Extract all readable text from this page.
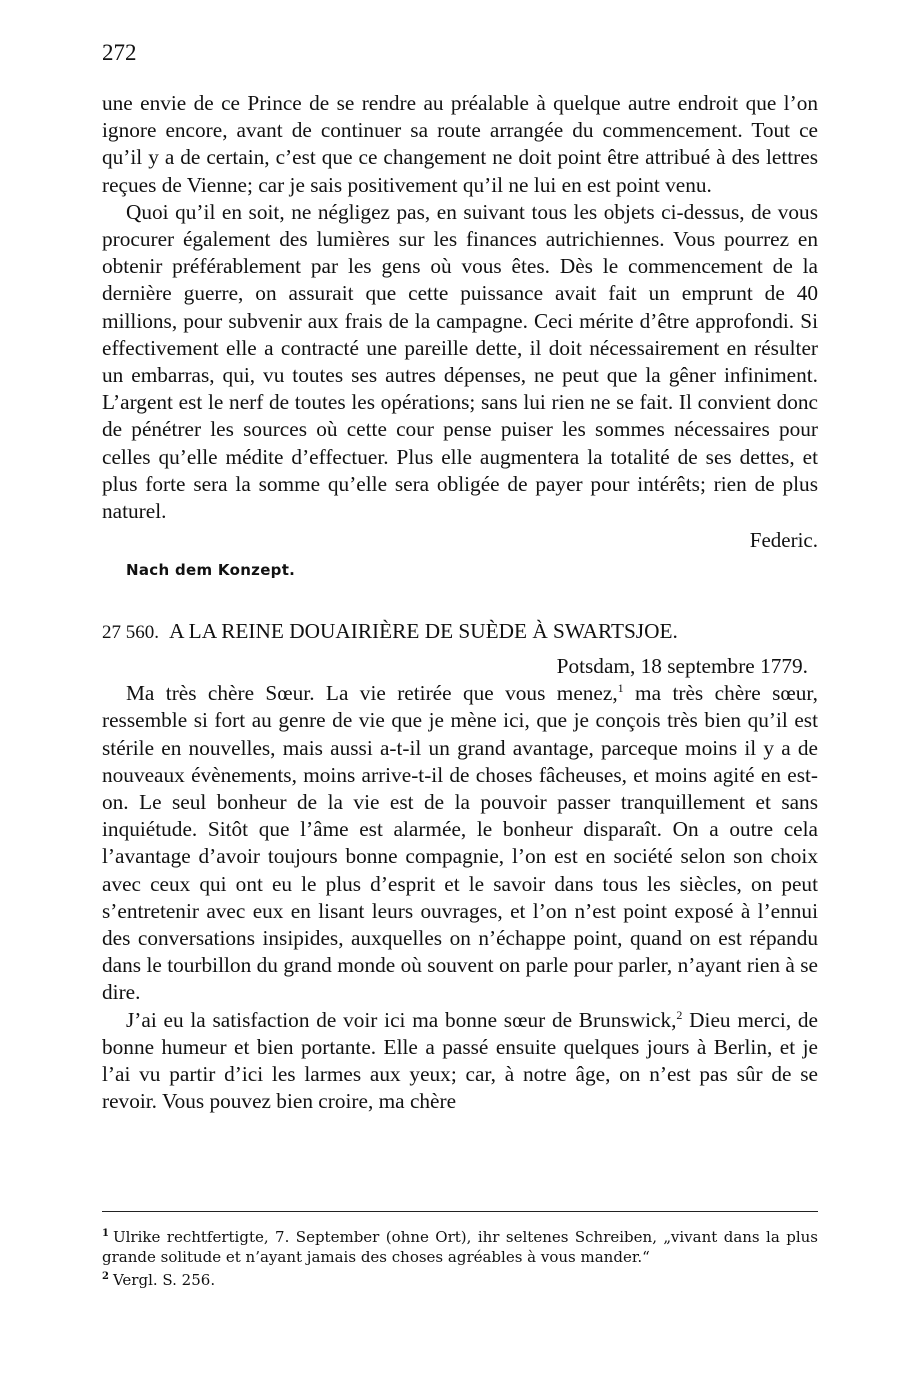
272

une envie de ce Prince de se rendre au préalable à quelque autre endroit que l’on ignore encore, avant de continuer sa route arrangée du commencement. Tout ce qu’il y a de certain, c’est que ce changement ne doit point être attribué à des lettres reçues de Vienne; car je sais positivement qu’il ne lui en est point venu.

Quoi qu’il en soit, ne négligez pas, en suivant tous les objets ci-dessus, de vous procurer également des lumières sur les finances autrichiennes. Vous pourrez en obtenir préférablement par les gens où vous êtes. Dès le commencement de la dernière guerre, on assurait que cette puissance avait fait un emprunt de 40 millions, pour subvenir aux frais de la campagne. Ceci mérite d’être approfondi. Si effectivement elle a contracté une pareille dette, il doit nécessairement en résulter un embarras, qui, vu toutes ses autres dépenses, ne peut que la gêner infiniment. L’argent est le nerf de toutes les opérations; sans lui rien ne se fait. Il convient donc de pénétrer les sources où cette cour pense puiser les sommes nécessaires pour celles qu’elle médite d’effectuer. Plus elle augmentera la totalité de ses dettes, et plus forte sera la somme qu’elle sera obligée de payer pour intérêts; rien de plus naturel.

Federic.
Nach dem Konzept.
27 560. A LA REINE DOUAIRIÈRE DE SUÈDE À SWARTSJOE.
Potsdam, 18 septembre 1779.

Ma très chère Sœur. La vie retirée que vous menez,$^1$ ma très chère sœur, ressemble si fort au genre de vie que je mène ici, que je conçois très bien qu’il est stérile en nouvelles, mais aussi a-t-il un grand avantage, parceque moins il y a de nouveaux évènements, moins arrive-t-il de choses fâcheuses, et moins agité en est-on. Le seul bonheur de la vie est de la pouvoir passer tranquillement et sans inquiétude. Sitôt que l’âme est alarmée, le bonheur disparaît. On a outre cela l’avantage d’avoir toujours bonne compagnie, l’on est en société selon son choix avec ceux qui ont eu le plus d’esprit et le savoir dans tous les siècles, on peut s’entretenir avec eux en lisant leurs ouvrages, et l’on n’est point exposé à l’ennui des conversations insipides, auxquelles on n’échappe point, quand on est répandu dans le tourbillon du grand monde où souvent on parle pour parler, n’ayant rien à se dire.

J’ai eu la satisfaction de voir ici ma bonne sœur de Brunswick,$^2$ Dieu merci, de bonne humeur et bien portante. Elle a passé ensuite quelques jours à Berlin, et je l’ai vu partir d’ici les larmes aux yeux; car, à notre âge, on n’est pas sûr de se revoir. Vous pouvez bien croire, ma chère

$^1$ Ulrike rechtfertigte, 7. September (ohne Ort), ihr seltenes Schreiben, „vivant dans la plus grande solitude et n’ayant jamais des choses agréables à vous mander.“

$^2$ Vergl. S. 256.
